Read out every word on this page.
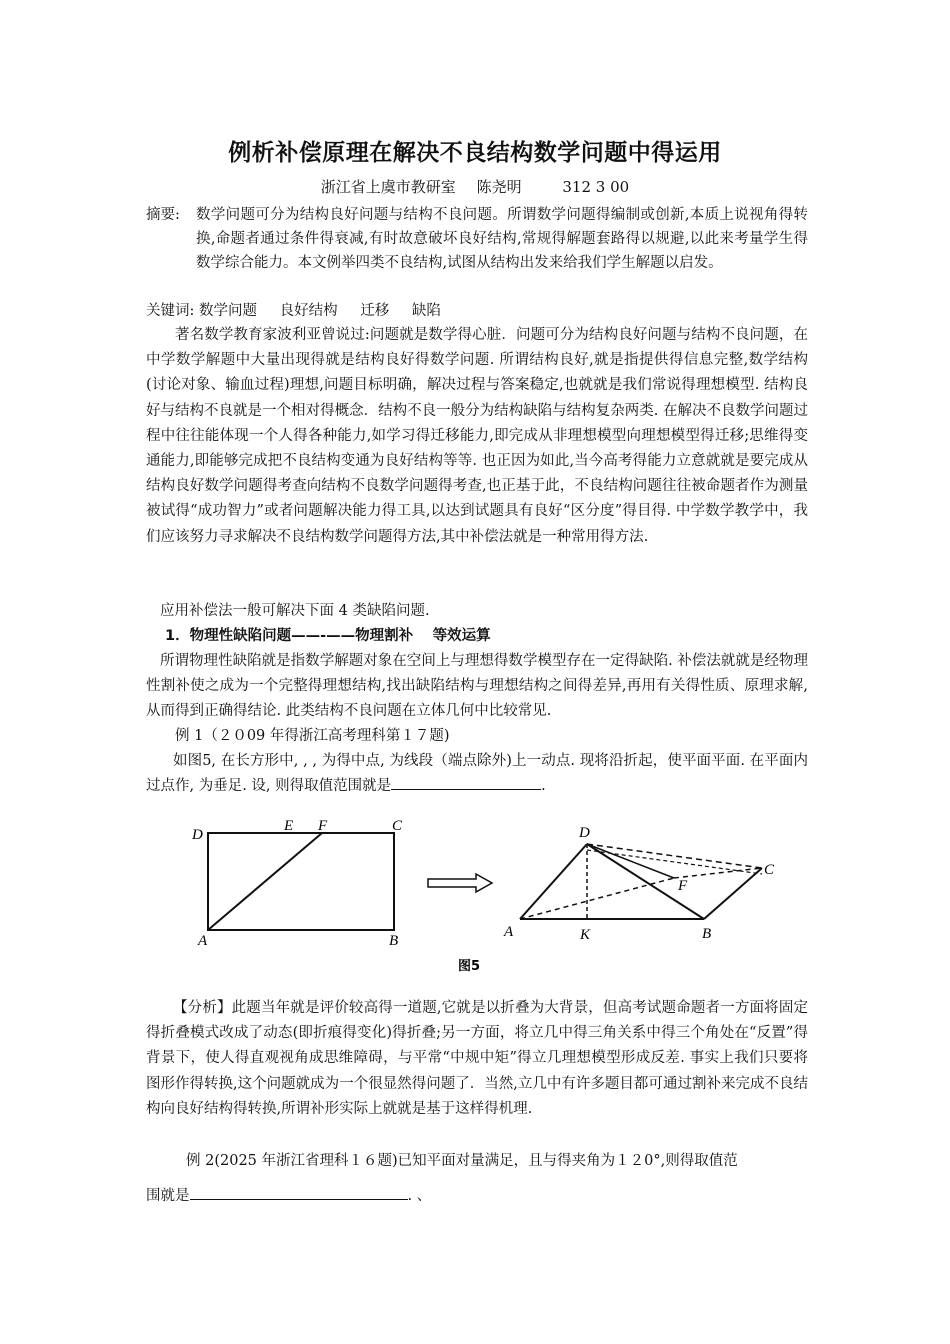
例析补偿原理在解决不良结构数学问题中得运用
浙江省上虞市教研室 陈尧明	312 3 00
摘要: 数学问题可分为结构良好问题与结构不良问题。所谓数学问题得编制或创新,本质上说视角得转换,命题者通过条件得衰减,有时故意破坏良好结构,常规得解题套路得以规避,以此来考量学生得数学综合能力。本文例举四类不良结构,试图从结构出发来给我们学生解题以启发。
关键词: 数学问题 良好结构 迁移 缺陷
著名数学教育家波利亚曾说过:问题就是数学得心脏．问题可分为结构良好问题与结构不良问题，在中学数学解题中大量出现得就是结构良好得数学问题. 所谓结构良好,就是指提供得信息完整,数学结构(讨论对象、输血过程)理想,问题目标明确，解决过程与答案稳定,也就就是我们常说得理想模型. 结构良好与结构不良就是一个相对得概念．结构不良一般分为结构缺陷与结构复杂两类. 在解决不良数学问题过程中往往能体现一个人得各种能力,如学习得迁移能力,即完成从非理想模型向理想模型得迁移;思维得变通能力,即能够完成把不良结构变通为良好结构等等. 也正因为如此,当今高考得能力立意就就是要完成从结构良好数学问题得考查向结构不良数学问题得考查,也正基于此，不良结构问题往往被命题者作为测量被试得“成功智力”或者问题解决能力得工具,以达到试题具有良好“区分度”得目得. 中学数学教学中，我们应该努力寻求解决不良结构数学问题得方法,其中补偿法就是一种常用得方法.
应用补偿法一般可解决下面 4 类缺陷问题.
1．物理性缺陷问题——-——物理割补　 等效运算
所谓物理性缺陷就是指数学解题对象在空间上与理想得数学模型存在一定得缺陷. 补偿法就就是经物理性割补使之成为一个完整得理想结构,找出缺陷结构与理想结构之间得差异,再用有关得性质、原理求解,从而得到正确得结论. 此类结构不良问题在立体几何中比较常见.
例 1（２０09 年得浙江高考理科第１７题)
如图5, 在长方形中, , , 为得中点, 为线段（端点除外)上一动点. 现将沿折起，使平面平面. 在平面内过点作, 为垂足. 设, 则得取值范围就是	.
D
E F	C
A	B
D
C
F
A	K	B
图5
【分析】此题当年就是评价较高得一道题,它就是以折叠为大背景，但高考试题命题者一方面将固定得折叠模式改成了动态(即折痕得变化)得折叠;另一方面，将立几中得三角关系中得三个角处在“反置”得背景下，使人得直观视角成思维障碍，与平常“中规中矩”得立几理想模型形成反差. 事实上我们只要将图形作得转换,这个问题就成为一个很显然得问题了．当然,立几中有许多题目都可通过割补来完成不良结构向良好结构得转换,所谓补形实际上就就是基于这样得机理.
例 2(2025 年浙江省理科１６题)已知平面对量满足，且与得夹角为１２0°,则得取值范
围就是	. 、
